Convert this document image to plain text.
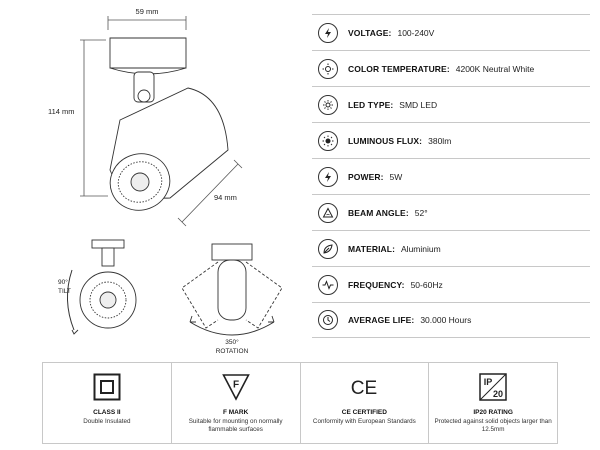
59 mm
114 mm
94 mm
90°
TILT
350°
ROTATION
VOLTAGE: 100-240V
COLOR TEMPERATURE: 4200K Neutral White
LED TYPE: SMD LED
LUMINOUS FLUX: 380lm
POWER: 5W
BEAM ANGLE: 52°
MATERIAL: Aluminium
FREQUENCY: 50-60Hz
AVERAGE LIFE: 30.000 Hours
CLASS II
Double Insulated
F
F MARK
Suitable for mounting on normally flammable surfaces
CE
CE CERTIFIED
Conformity with European Standards
IP
20
IP20 RATING
Protected against solid objects larger than 12.5mm
